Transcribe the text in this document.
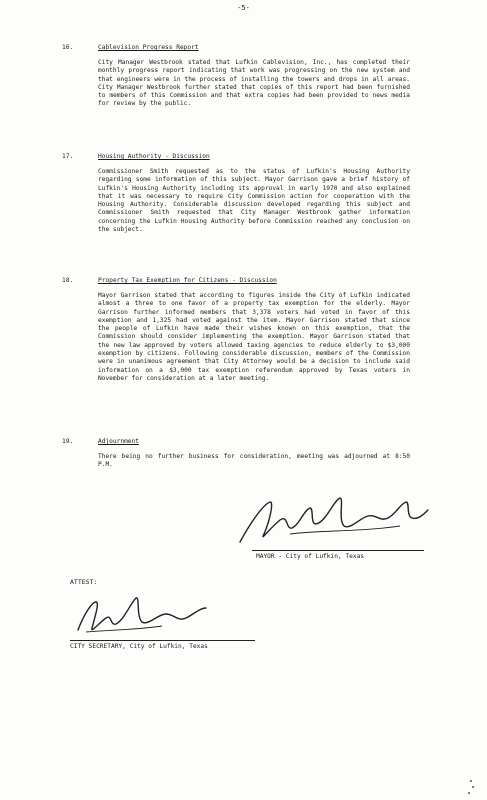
-5-
16.	Cablevision Progress Report
City Manager Westbrook stated that Lufkin Cablevision, Inc., has completed their monthly progress report indicating that work was progressing on the new system and that engineers were in the process of installing the towers and drops in all areas. City Manager Westbrook further stated that copies of this report had been furnished to members of this Commission and that extra copies had been provided to news media for review by the public.
17.	Housing Authority - Discussion
Commissioner Smith requested as to the status of Lufkin's Housing Authority regarding some information of this subject. Mayor Garrison gave a brief history of Lufkin's Housing Authority including its approval in early 1970 and also explained that it was necessary to require City Commission action for cooperation with the Housing Authority. Considerable discussion developed regarding this subject and Commissioner Smith requested that City Manager Westbrook gather information concerning the Lufkin Housing Authority before Commission reached any conclusion on the subject.
18.	Property Tax Exemption for Citizens - Discussion
Mayor Garrison stated that according to figures inside the City of Lufkin indicated almost a three to one favor of a property tax exemption for the elderly. Mayor Garrison further informed members that 3,378 voters had voted in favor of this exemption and 1,325 had voted against the item. Mayor Garrison stated that since the people of Lufkin have made their wishes known on this exemption, that the Commission should consider implementing the exemption. Mayor Garrison stated that the new law approved by voters allowed taxing agencies to reduce elderly to $3,000 exemption by citizens. Following considerable discussion, members of the Commission were in unanimous agreement that City Attorney would be a decision to include said information on a $3,000 tax exemption referendum approved by Texas voters in November for consideration at a later meeting.
19.	Adjournment
There being no further business for consideration, meeting was adjourned at 8:50 P.M.
MAYOR - City of Lufkin, Texas
ATTEST:
CITY SECRETARY, City of Lufkin, Texas
